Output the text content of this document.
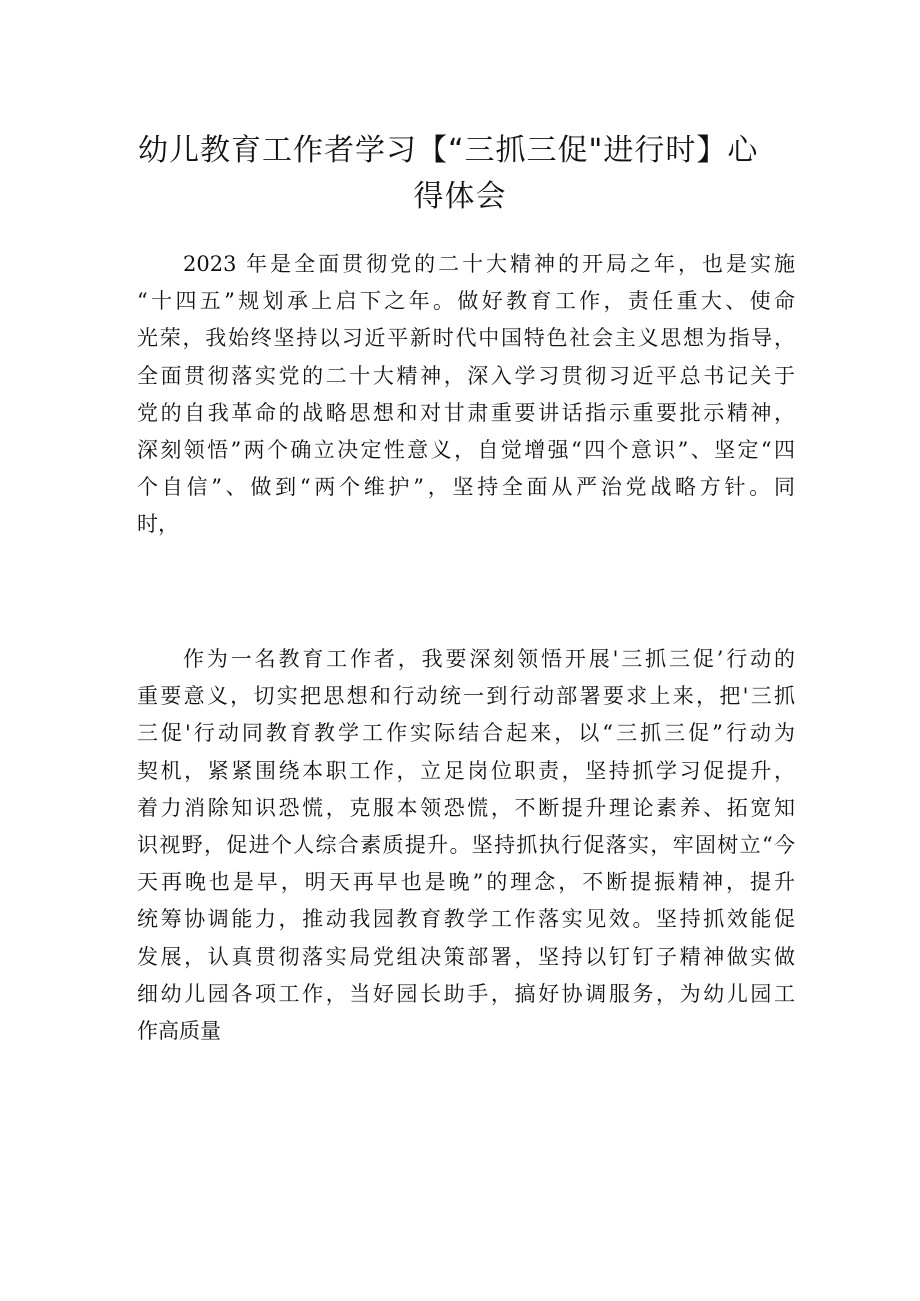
幼儿教育工作者学习【“三抓三促"进行时】心
得体会
2023 年是全面贯彻党的二十大精神的开局之年，也是实施
“十四五”规划承上启下之年。做好教育工作，责任重大、使命
光荣，我始终坚持以习近平新时代中国特色社会主义思想为指导，
全面贯彻落实党的二十大精神，深入学习贯彻习近平总书记关于
党的自我革命的战略思想和对甘肃重要讲话指示重要批示精神，
深刻领悟”两个确立决定性意义，自觉增强“四个意识”、坚定“四
个自信”、做到“两个维护”，坚持全面从严治党战略方针。同
时，
作为一名教育工作者，我要深刻领悟开展'三抓三促’行动的
重要意义，切实把思想和行动统一到行动部署要求上来，把'三抓
三促'行动同教育教学工作实际结合起来，以“三抓三促”行动为
契机，紧紧围绕本职工作，立足岗位职责，坚持抓学习促提升，
着力消除知识恐慌，克服本领恐慌，不断提升理论素养、拓宽知
识视野，促进个人综合素质提升。坚持抓执行促落实，牢固树立“今
天再晚也是早，明天再早也是晚”的理念，不断提振精神，提升
统筹协调能力，推动我园教育教学工作落实见效。坚持抓效能促
发展，认真贯彻落实局党组决策部署，坚持以钉钉子精神做实做
细幼儿园各项工作，当好园长助手，搞好协调服务，为幼儿园工
作高质量
